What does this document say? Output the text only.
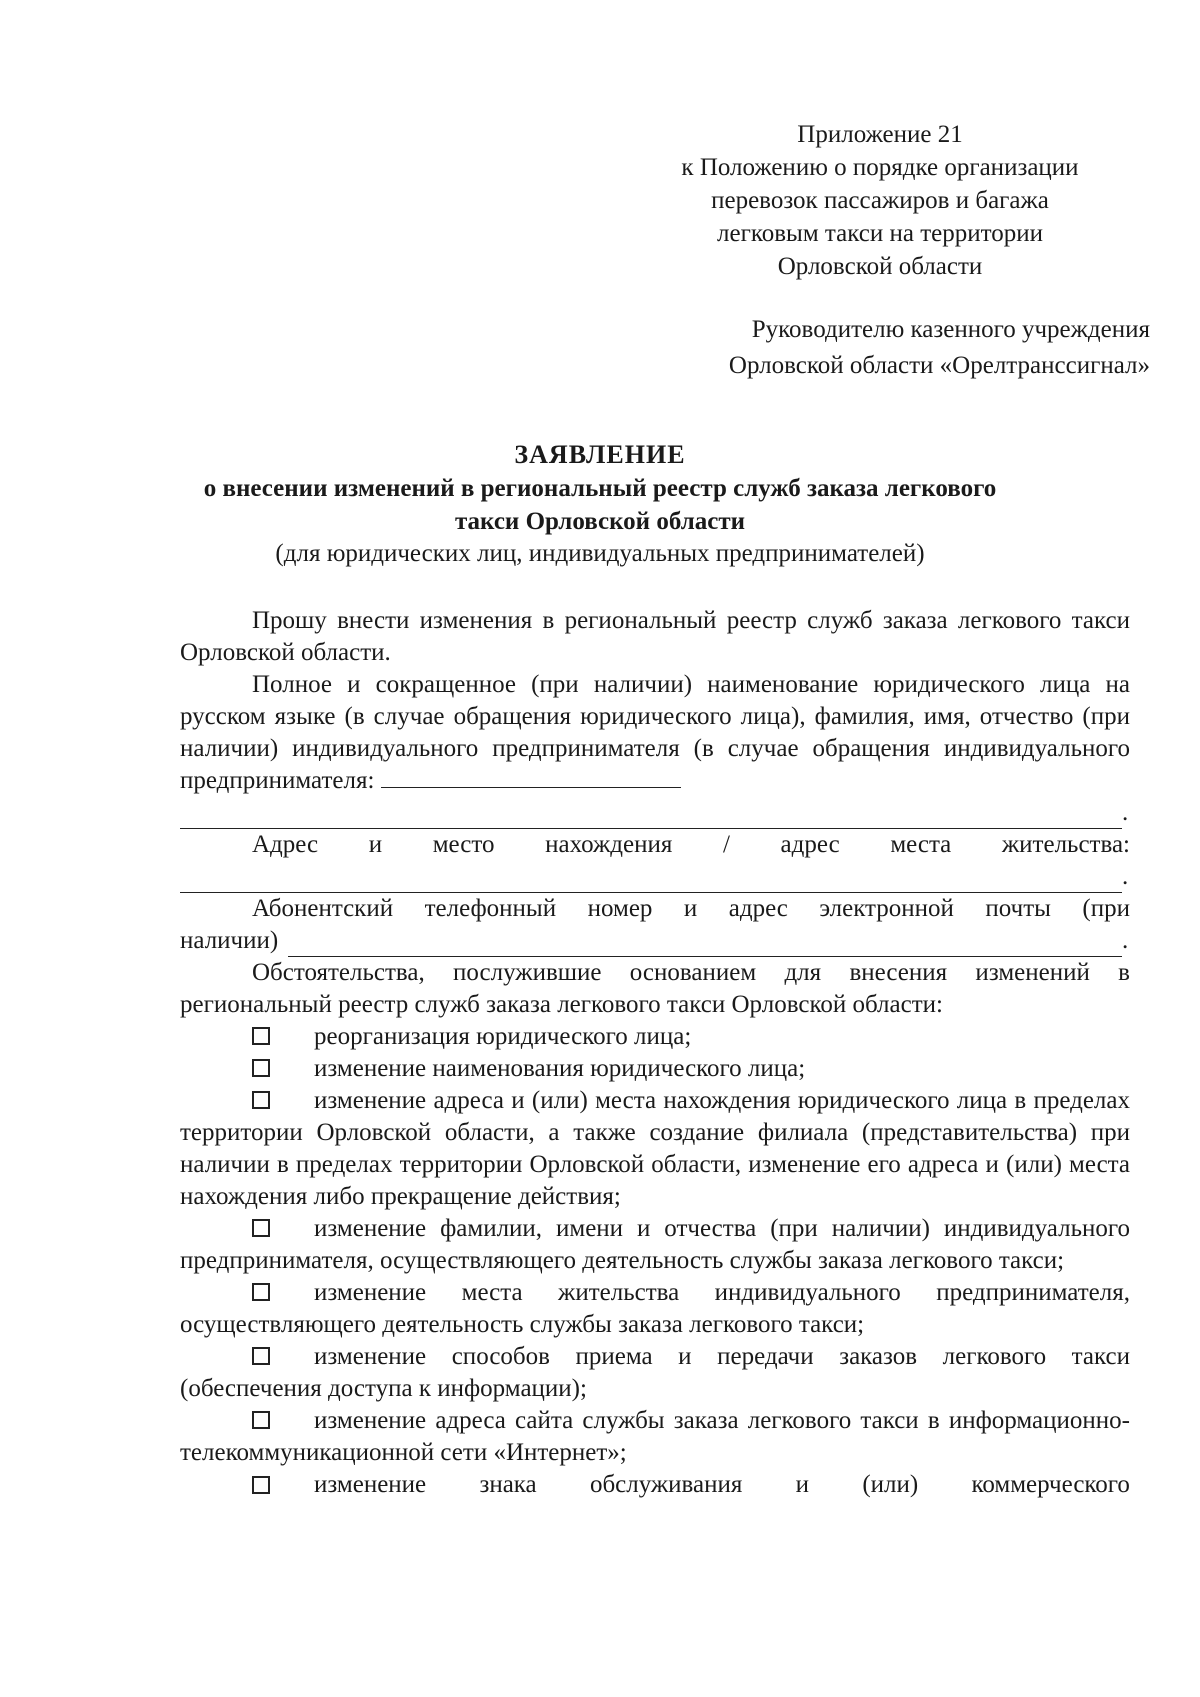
Приложение 21
к Положению о порядке организации
перевозок пассажиров и багажа
легковым такси на территории
Орловской области
Руководителю казенного учреждения
Орловской области «Орелтранссигнал»
ЗАЯВЛЕНИЕ
о внесении изменений в региональный реестр служб заказа легкового
такси Орловской области
(для юридических лиц, индивидуальных предпринимателей)

Прошу внести изменения в региональный реестр служб заказа легкового такси Орловской области.

Полное и сокращенное (при наличии) наименование юридического лица на русском языке (в случае обращения юридического лица), фамилия, имя, отчество (при наличии) индивидуального предпринимателя (в случае обращения индивидуального предпринимателя:

.
Адрес и место нахождения / адрес места жительства:
.

Абонентский телефонный номер и адрес электронной почты (при

наличии)	.

Обстоятельства, послужившие основанием для внесения изменений в региональный реестр служб заказа легкового такси Орловской области:

реорганизация юридического лица;

изменение наименования юридического лица;

изменение адреса и (или) места нахождения юридического лица в пределах территории Орловской области, а также создание филиала (представительства) при наличии в пределах территории Орловской области, изменение его адреса и (или) места нахождения либо прекращение действия;

изменение фамилии, имени и отчества (при наличии) индивидуального предпринимателя, осуществляющего деятельность службы заказа легкового такси;

изменение места жительства индивидуального предпринимателя, осуществляющего деятельность службы заказа легкового такси;

изменение способов приема и передачи заказов легкового такси (обеспечения доступа к информации);

изменение адреса сайта службы заказа легкового такси в информационно-телекоммуникационной сети «Интернет»;

изменение знака обслуживания и (или) коммерческого
